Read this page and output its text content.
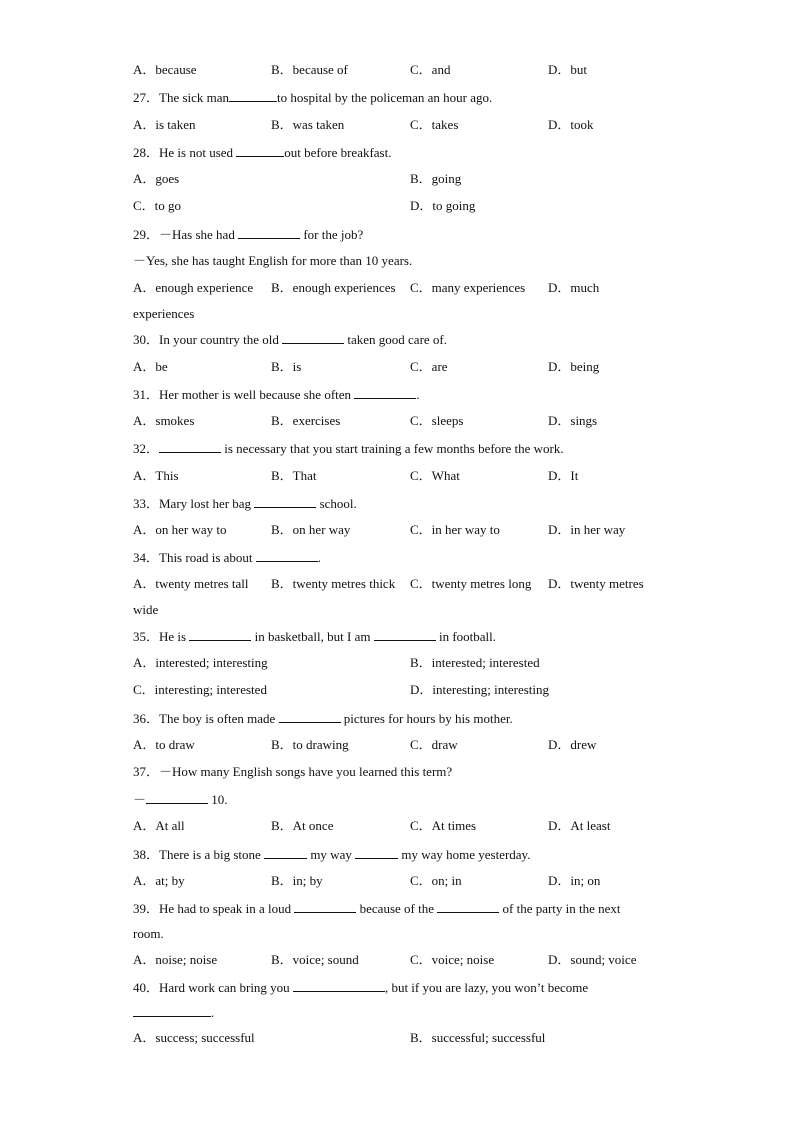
A．because	B．because of	C．and	D．but
27．The sick man	to hospital by the policeman an hour ago.
A．is taken	B．was taken	C．takes	D．took
28．He is not used	out before breakfast.
A．goes	B．going
C．to go	D．to going
29．－Has she had	for the job?
－Yes, she has taught English for more than 10 years.
A．enough experience B．enough experiences C．many experiences D．much
experiences
30．In your country the old	taken good care of.
A．be	B．is	C．are	D．being
31．Her mother is well because she often	.
A．smokes	B．exercises	C．sleeps	D．sings
32．	is necessary that you start training a few months before the work.
A．This	B．That	C．What	D．It
33．Mary lost her bag	school.
A．on her way to	B．on her way	C．in her way to	D．in her way
34．This road is about	.
A．twenty metres tall B．twenty metres thick C．twenty metres long D．twenty metres
wide
35．He is	in basketball, but I am	in football.
A．interested; interesting	B．interested; interested
C．interesting; interested	D．interesting; interesting
36．The boy is often made	pictures for hours by his mother.
A．to draw	B．to drawing	C．draw	D．drew
37．－How many English songs have you learned this term?
－	10.
A．At all	B．At once	C．At times	D．At least
38．There is a big stone	my way	my way home yesterday.
A．at; by	B．in; by	C．on; in	D．in; on
39．He had to speak in a loud	because of the	of the party in the next
room.
A．noise; noise	B．voice; sound	C．voice; noise	D．sound; voice
40．Hard work can bring you	, but if you are lazy, you won’t become
.
A．success; successful	B．successful; successful
